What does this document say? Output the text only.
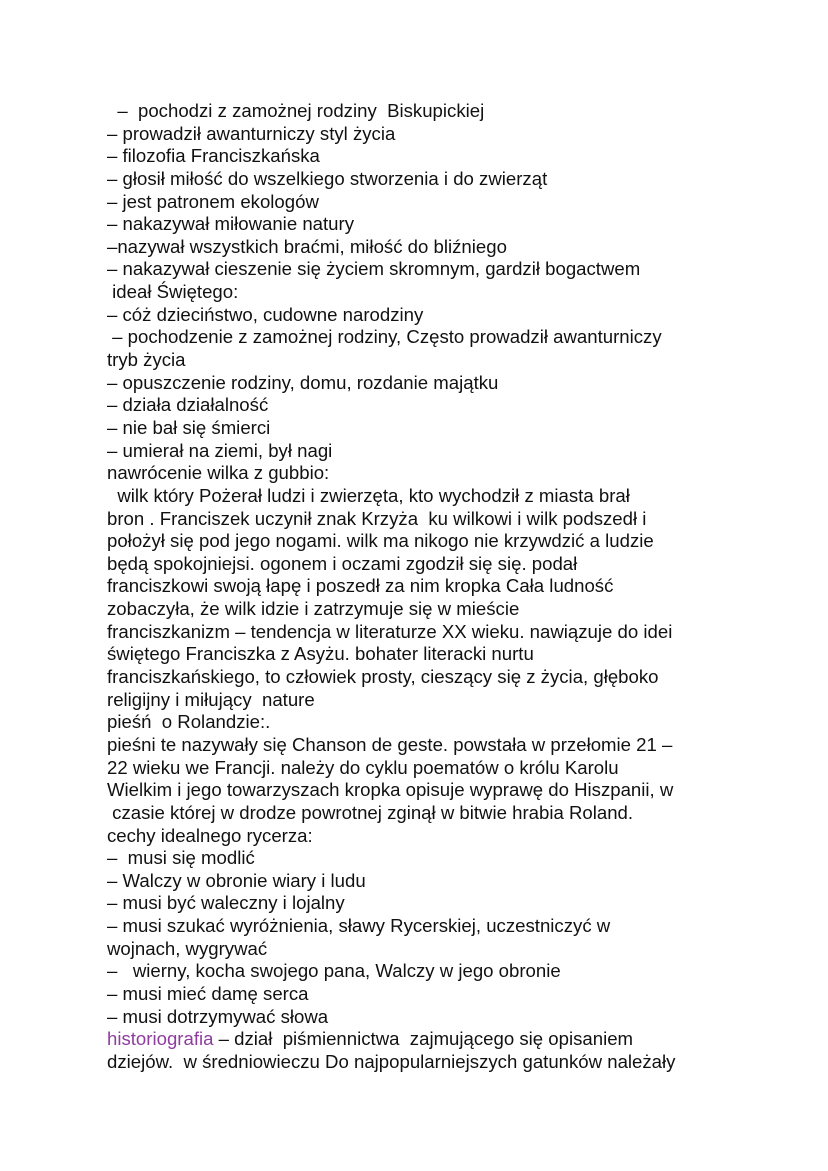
–  pochodzi z zamożnej rodziny  Biskupickiej
– prowadził awanturniczy styl życia
– filozofia Franciszkańska
– głosił miłość do wszelkiego stworzenia i do zwierząt
– jest patronem ekologów
– nakazywał miłowanie natury
–nazywał wszystkich braćmi, miłość do bliźniego
– nakazywał cieszenie się życiem skromnym, gardził bogactwem
ideał Świętego:
– cóż dzieciństwo, cudowne narodziny
– pochodzenie z zamożnej rodziny, Często prowadził awanturniczy
tryb życia
– opuszczenie rodziny, domu, rozdanie majątku
– działa działalność
– nie bał się śmierci
– umierał na ziemi, był nagi
nawrócenie wilka z gubbio:
wilk który Pożerał ludzi i zwierzęta, kto wychodził z miasta brał
bron . Franciszek uczynił znak Krzyża  ku wilkowi i wilk podszedł i
położył się pod jego nogami. wilk ma nikogo nie krzywdzić a ludzie
będą spokojniejsi. ogonem i oczami zgodził się się. podał
franciszkowi swoją łapę i poszedł za nim kropka Cała ludność
zobaczyła, że wilk idzie i zatrzymuje się w mieście
franciszkanizm – tendencja w literaturze XX wieku. nawiązuje do idei
świętego Franciszka z Asyżu. bohater literacki nurtu
franciszkańskiego, to człowiek prosty, cieszący się z życia, głęboko
religijny i miłujący  nature
pieśń  o Rolandzie:.
pieśni te nazywały się Chanson de geste. powstała w przełomie 21 –
22 wieku we Francji. należy do cyklu poematów o królu Karolu
Wielkim i jego towarzyszach kropka opisuje wyprawę do Hiszpanii, w
czasie której w drodze powrotnej zginął w bitwie hrabia Roland.
cechy idealnego rycerza:
–  musi się modlić
– Walczy w obronie wiary i ludu
– musi być waleczny i lojalny
– musi szukać wyróżnienia, sławy Rycerskiej, uczestniczyć w
wojnach, wygrywać
–   wierny, kocha swojego pana, Walczy w jego obronie
– musi mieć damę serca
– musi dotrzymywać słowa
historiografia – dział  piśmiennictwa  zajmującego się opisaniem
dziejów.  w średniowieczu Do najpopularniejszych gatunków należały
